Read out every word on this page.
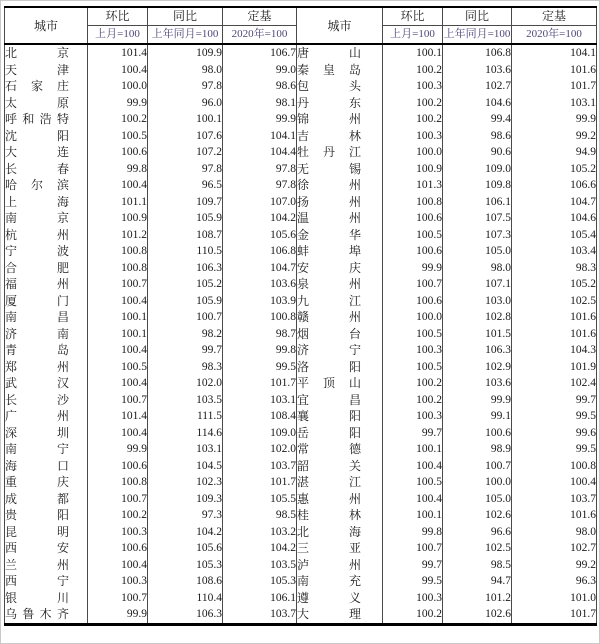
城市	环比	同比	定基	城市	环比	同比	定基
	上月=100	上年同月=100	2020年=100		上月=100	上年同月=100	2020年=100
北京	101.4	109.9	106.7	唐山	100.1	106.8	104.1
天津	100.4	98.0	99.0	秦皇岛	100.2	103.6	101.6
石家庄	100.0	97.8	98.6	包头	100.3	102.7	101.7
太原	99.9	96.0	98.1	丹东	100.2	104.6	103.1
呼和浩特	100.2	100.1	99.9	锦州	100.2	99.4	99.9
沈阳	100.5	107.6	104.1	吉林	100.3	98.6	99.2
大连	100.6	107.2	104.4	牡丹江	100.0	90.6	94.9
长春	99.8	97.8	97.8	无锡	100.9	109.0	105.2
哈尔滨	100.4	96.5	97.8	徐州	101.3	109.8	106.6
上海	101.1	109.7	107.0	扬州	100.8	106.1	104.7
南京	100.9	105.9	104.2	温州	100.6	107.5	104.6
杭州	101.2	108.7	105.6	金华	100.5	107.3	105.4
宁波	100.8	110.5	106.8	蚌埠	100.6	105.0	103.4
合肥	100.8	106.3	104.7	安庆	99.9	98.0	98.3
福州	100.7	105.2	103.6	泉州	100.7	107.1	105.2
厦门	100.4	105.9	103.9	九江	100.6	103.0	102.5
南昌	100.1	100.7	100.8	赣州	100.0	102.8	101.6
济南	100.1	98.2	98.7	烟台	100.5	101.5	101.6
青岛	100.4	99.7	99.8	济宁	100.3	106.3	104.3
郑州	100.5	98.3	99.5	洛阳	100.5	102.9	101.9
武汉	100.4	102.0	101.7	平顶山	100.2	103.6	102.4
长沙	100.7	103.5	103.1	宜昌	100.2	99.9	99.7
广州	101.4	111.5	108.4	襄阳	100.3	99.1	99.5
深圳	100.4	114.6	109.0	岳阳	99.7	100.6	99.6
南宁	99.9	103.1	102.0	常德	100.1	98.9	99.5
海口	100.6	104.5	103.7	韶关	100.4	100.7	100.8
重庆	100.8	102.3	101.7	湛江	100.5	100.0	100.4
成都	100.7	109.3	105.5	惠州	100.4	105.0	103.7
贵阳	100.2	97.3	98.5	桂林	100.1	102.6	101.6
昆明	100.3	104.2	103.2	北海	99.8	96.6	98.0
西安	100.6	105.6	104.2	三亚	100.7	102.5	102.7
兰州	100.4	105.3	103.5	泸州	99.7	98.5	99.2
西宁	100.3	108.6	105.3	南充	99.5	94.7	96.3
银川	100.7	110.4	106.1	遵义	100.3	101.2	101.0
乌鲁木齐	99.9	106.3	103.7	大理	100.2	102.6	101.7
